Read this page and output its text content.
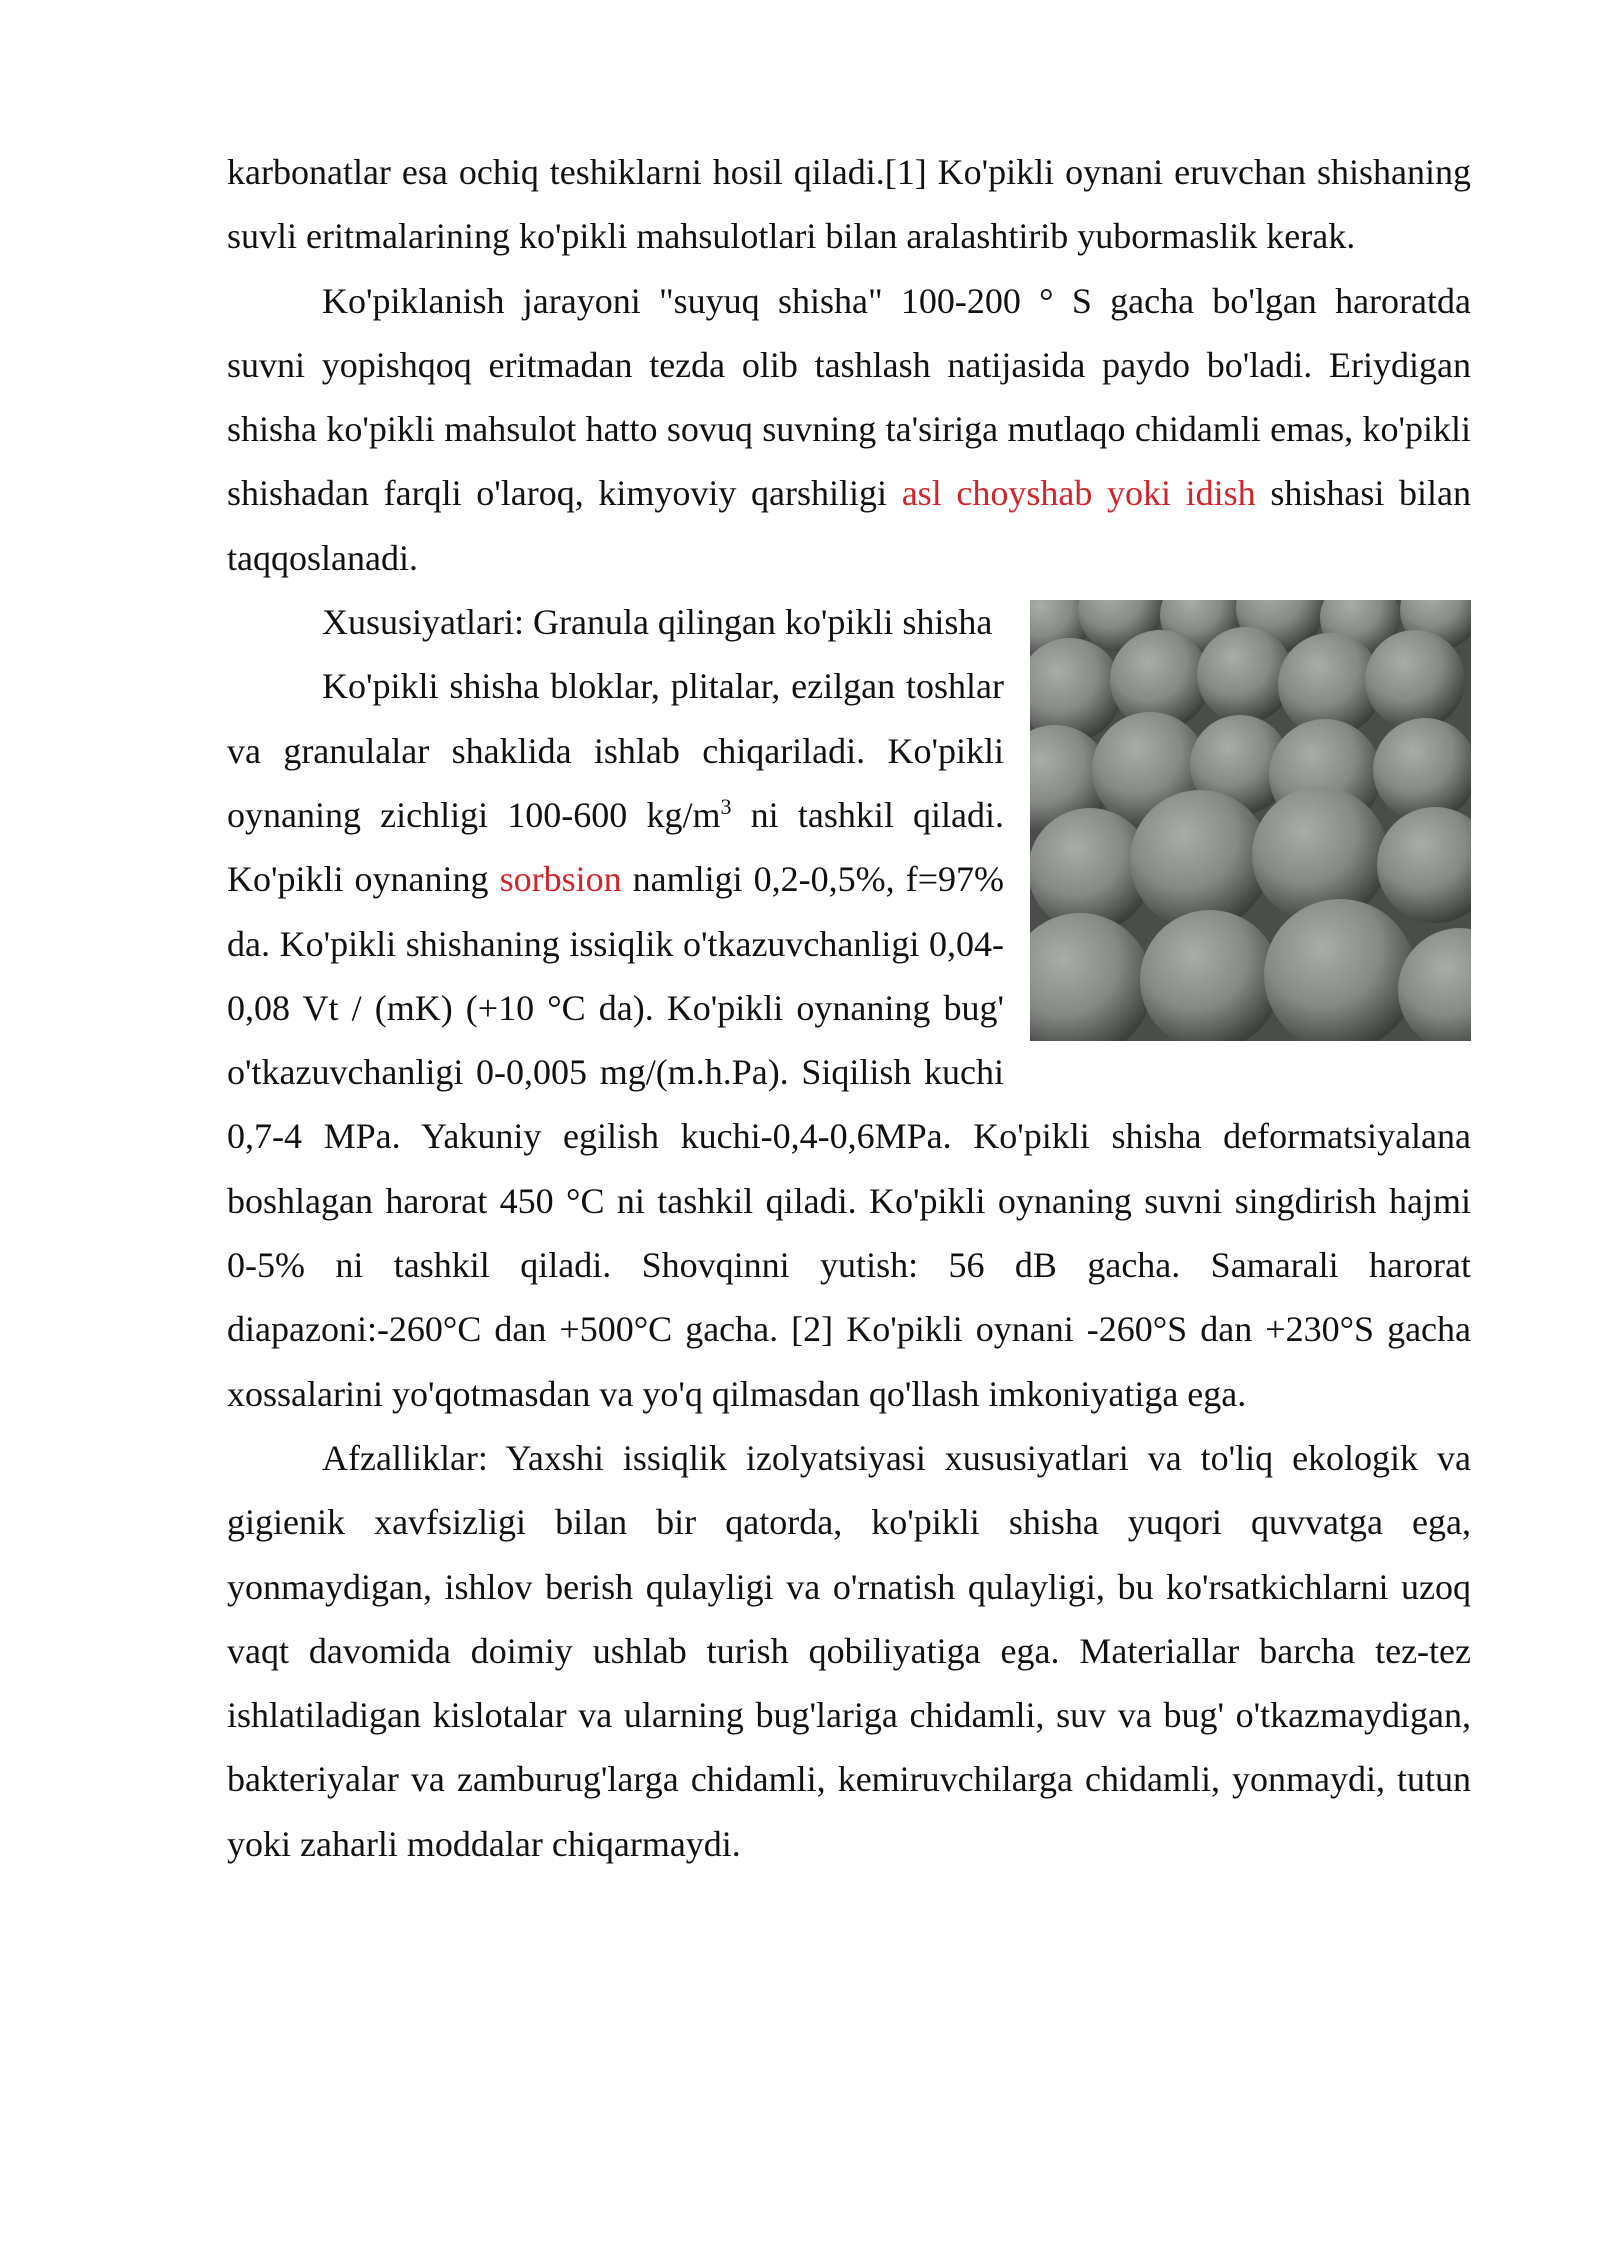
karbonatlar esa ochiq teshiklarni hosil qiladi.[1] Ko'pikli oynani eruvchan shishaning suvli eritmalarining ko'pikli mahsulotlari bilan aralashtirib yubormaslik kerak.

Ko'piklanish jarayoni "suyuq shisha" 100-200 ° S gacha bo'lgan haroratda suvni yopishqoq eritmadan tezda olib tashlash natijasida paydo bo'ladi. Eriydigan shisha ko'pikli mahsulot hatto sovuq suvning ta'siriga mutlaqo chidamli emas, ko'pikli shishadan farqli o'laroq, kimyoviy qarshiligi asl choyshab yoki idish shishasi bilan taqqoslanadi.

Xususiyatlari: Granula qilingan ko'pikli shisha

Ko'pikli shisha bloklar, plitalar, ezilgan toshlar va granulalar shaklida ishlab chiqariladi. Ko'pikli oynaning zichligi 100-600 $kg/m^3$ ni tashkil qiladi. Ko'pikli oynaning sorbsion namligi 0,2-0,5%, f=97% da. Ko'pikli shishaning issiqlik o'tkazuvchanligi 0,04-0,08 Vt / (mK) (+10 °C da). Ko'pikli oynaning bug' o'tkazuvchanligi 0-0,005 mg/(m.h.Pa). Siqilish kuchi 0,7-4 MPa. Yakuniy egilish kuchi-0,4-0,6MPa. Ko'pikli shisha deformatsiyalana boshlagan harorat 450 °C ni tashkil qiladi. Ko'pikli oynaning suvni singdirish hajmi 0-5% ni tashkil qiladi. Shovqinni yutish: 56 dB gacha. Samarali harorat diapazoni:-260°C dan +500°C gacha. [2] Ko'pikli oynani -260°S dan +230°S gacha xossalarini yo'qotmasdan va yo'q qilmasdan qo'llash imkoniyatiga ega.

Afzalliklar: Yaxshi issiqlik izolyatsiyasi xususiyatlari va to'liq ekologik va gigienik xavfsizligi bilan bir qatorda, ko'pikli shisha yuqori quvvatga ega, yonmaydigan, ishlov berish qulayligi va o'rnatish qulayligi, bu ko'rsatkichlarni uzoq vaqt davomida doimiy ushlab turish qobiliyatiga ega. Materiallar barcha tez-tez ishlatiladigan kislotalar va ularning bug'lariga chidamli, suv va bug' o'tkazmaydigan, bakteriyalar va zamburug'larga chidamli, kemiruvchilarga chidamli, yonmaydi, tutun yoki zaharli moddalar chiqarmaydi.
